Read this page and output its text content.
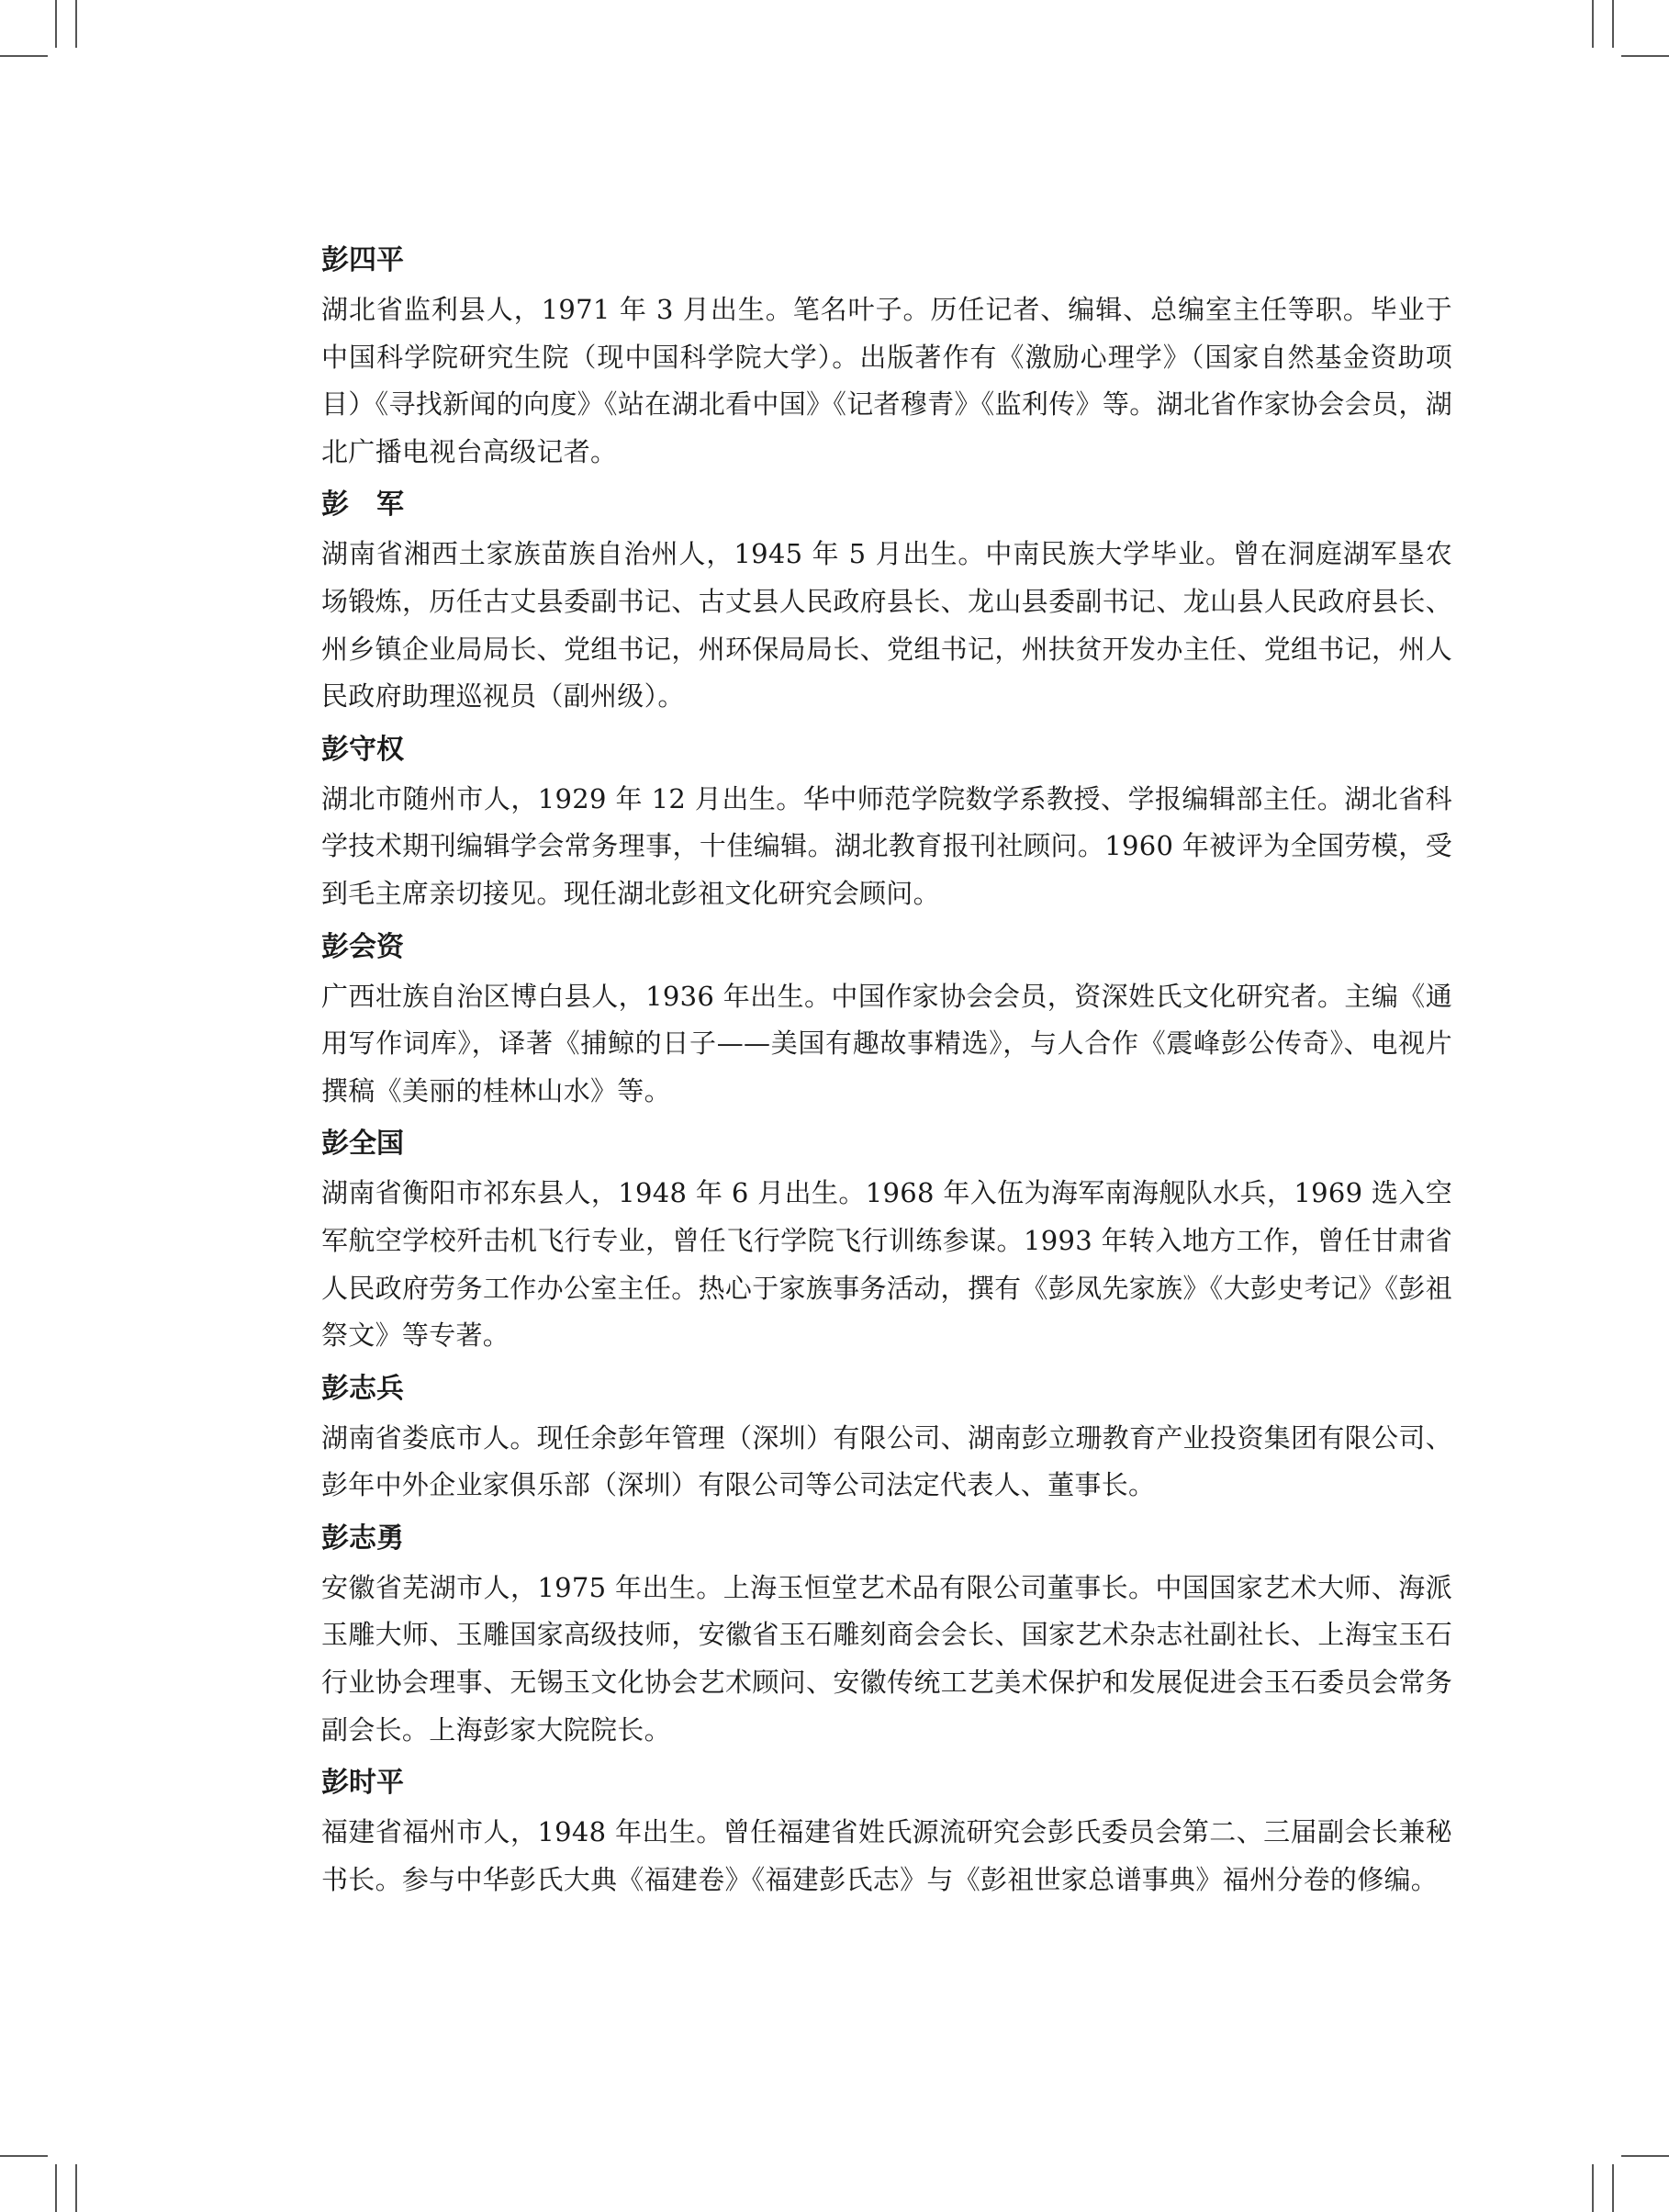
彭四平

湖北省监利县人，1971 年 3 月出生。笔名叶子。历任记者、编辑、总编室主任等职。毕业于中国科学院研究生院（现中国科学院大学）。出版著作有《激励心理学》（国家自然基金资助项目）《寻找新闻的向度》《站在湖北看中国》《记者穆青》《监利传》等。湖北省作家协会会员，湖北广播电视台高级记者。

彭　军

湖南省湘西土家族苗族自治州人，1945 年 5 月出生。中南民族大学毕业。曾在洞庭湖军垦农场锻炼，历任古丈县委副书记、古丈县人民政府县长、龙山县委副书记、龙山县人民政府县长、州乡镇企业局局长、党组书记，州环保局局长、党组书记，州扶贫开发办主任、党组书记，州人民政府助理巡视员（副州级）。

彭守权

湖北市随州市人，1929 年 12 月出生。华中师范学院数学系教授、学报编辑部主任。湖北省科学技术期刊编辑学会常务理事，十佳编辑。湖北教育报刊社顾问。1960 年被评为全国劳模，受到毛主席亲切接见。现任湖北彭祖文化研究会顾问。

彭会资

广西壮族自治区博白县人，1936 年出生。中国作家协会会员，资深姓氏文化研究者。主编《通用写作词库》，译著《捕鲸的日子——美国有趣故事精选》，与人合作《震峰彭公传奇》、电视片撰稿《美丽的桂林山水》等。

彭全国

湖南省衡阳市祁东县人，1948 年 6 月出生。1968 年入伍为海军南海舰队水兵，1969 选入空军航空学校歼击机飞行专业，曾任飞行学院飞行训练参谋。1993 年转入地方工作，曾任甘肃省人民政府劳务工作办公室主任。热心于家族事务活动，撰有《彭凤先家族》《大彭史考记》《彭祖祭文》等专著。

彭志兵

湖南省娄底市人。现任余彭年管理（深圳）有限公司、湖南彭立珊教育产业投资集团有限公司、彭年中外企业家俱乐部（深圳）有限公司等公司法定代表人、董事长。

彭志勇

安徽省芜湖市人，1975 年出生。上海玉恒堂艺术品有限公司董事长。中国国家艺术大师、海派玉雕大师、玉雕国家高级技师，安徽省玉石雕刻商会会长、国家艺术杂志社副社长、上海宝玉石行业协会理事、无锡玉文化协会艺术顾问、安徽传统工艺美术保护和发展促进会玉石委员会常务副会长。上海彭家大院院长。

彭时平

福建省福州市人，1948 年出生。曾任福建省姓氏源流研究会彭氏委员会第二、三届副会长兼秘书长。参与中华彭氏大典《福建卷》《福建彭氏志》与《彭祖世家总谱事典》福州分卷的修编。
